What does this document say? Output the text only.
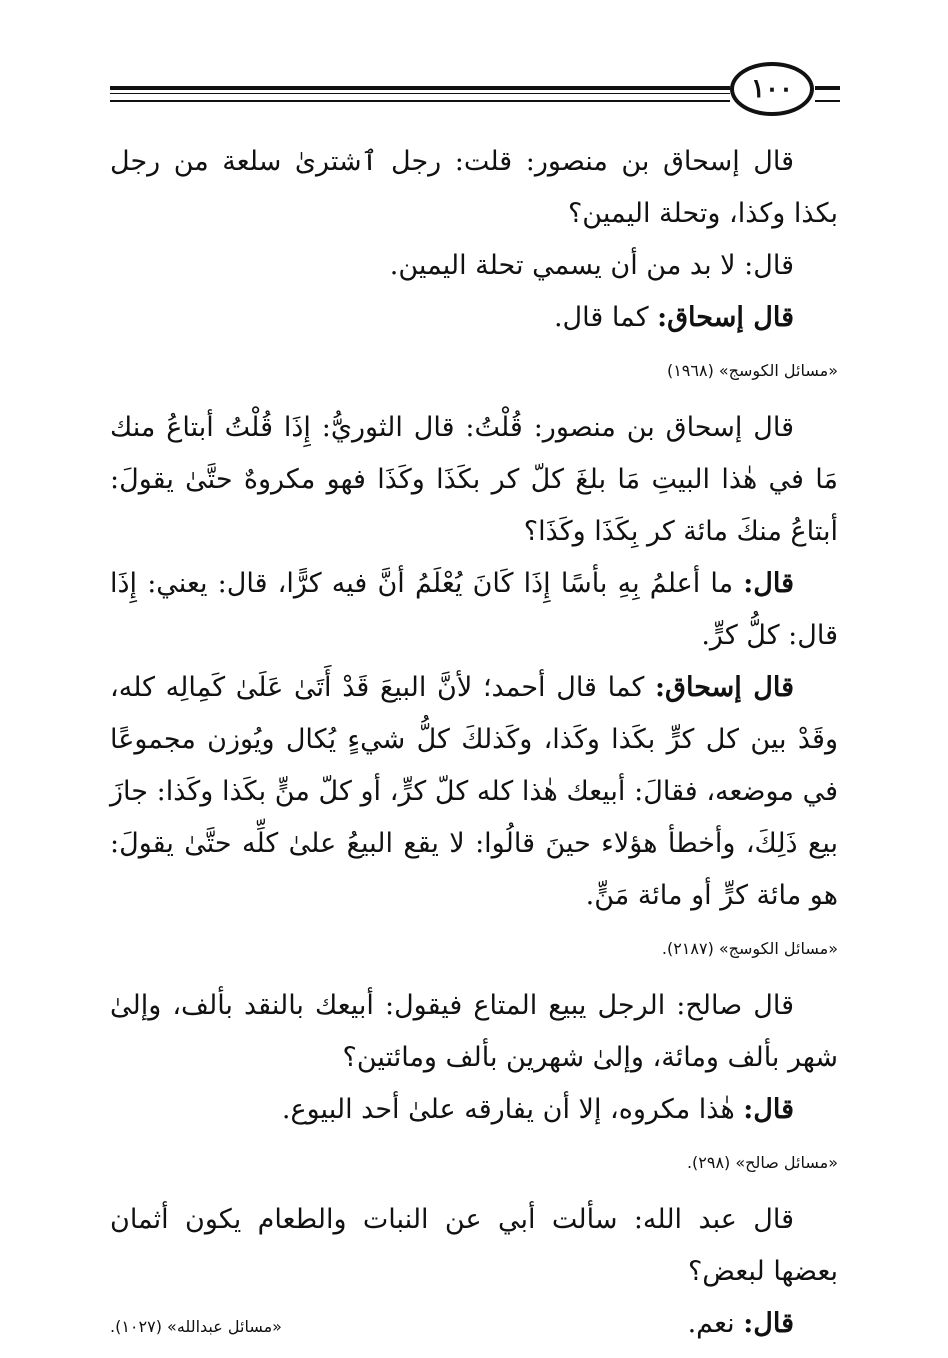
١٠٠

قال إسحاق بن منصور: قلت: رجل ٱشترىٰ سلعة من رجل بكذا وكذا، وتحلة اليمين؟

قال: لا بد من أن يسمي تحلة اليمين.

قال إسحاق: كما قال.

«مسائل الكوسج» (١٩٦٨)

قال إسحاق بن منصور: قُلْتُ: قال الثوريُّ: إِذَا قُلْتُ أبتاعُ منك مَا في هٰذا البيتِ مَا بلغَ كلّ كر بكَذَا وكَذَا فهو مكروهٌ حتَّىٰ يقولَ: أبتاعُ منكَ مائة كر بِكَذَا وكَذَا؟

قال: ما أعلمُ بِهِ بأسًا إِذَا كَانَ يُعْلَمُ أنَّ فيه كرًّا، قال: يعني: إِذَا قال: كلُّ كرٍّ.

قال إسحاق: كما قال أحمد؛ لأنَّ البيعَ قَدْ أَتَىٰ عَلَىٰ كَمِالِه كله، وقَدْ بين كل كرٍّ بكَذا وكَذا، وكَذلكَ كلُّ شيءٍ يُكال ويُوزن مجموعًا في موضعه، فقالَ: أبيعك هٰذا كله كلّ كرٍّ، أو كلّ منٍّ بكَذا وكَذا: جازَ بيع ذَلِكَ، وأخطأ هؤلاء حينَ قالُوا: لا يقع البيعُ علىٰ كلِّه حتَّىٰ يقولَ: هو مائة كرٍّ أو مائة مَنٍّ.

«مسائل الكوسج» (٢١٨٧).

قال صالح: الرجل يبيع المتاع فيقول: أبيعك بالنقد بألف، وإلىٰ شهر بألف ومائة، وإلىٰ شهرين بألف ومائتين؟

قال: هٰذا مكروه، إلا أن يفارقه علىٰ أحد البيوع.

«مسائل صالح» (٢٩٨).

قال عبد الله: سألت أبي عن النبات والطعام يكون أثمان بعضها لبعض؟

قال: نعم.

«مسائل عبدالله» (١٠٢٧).
